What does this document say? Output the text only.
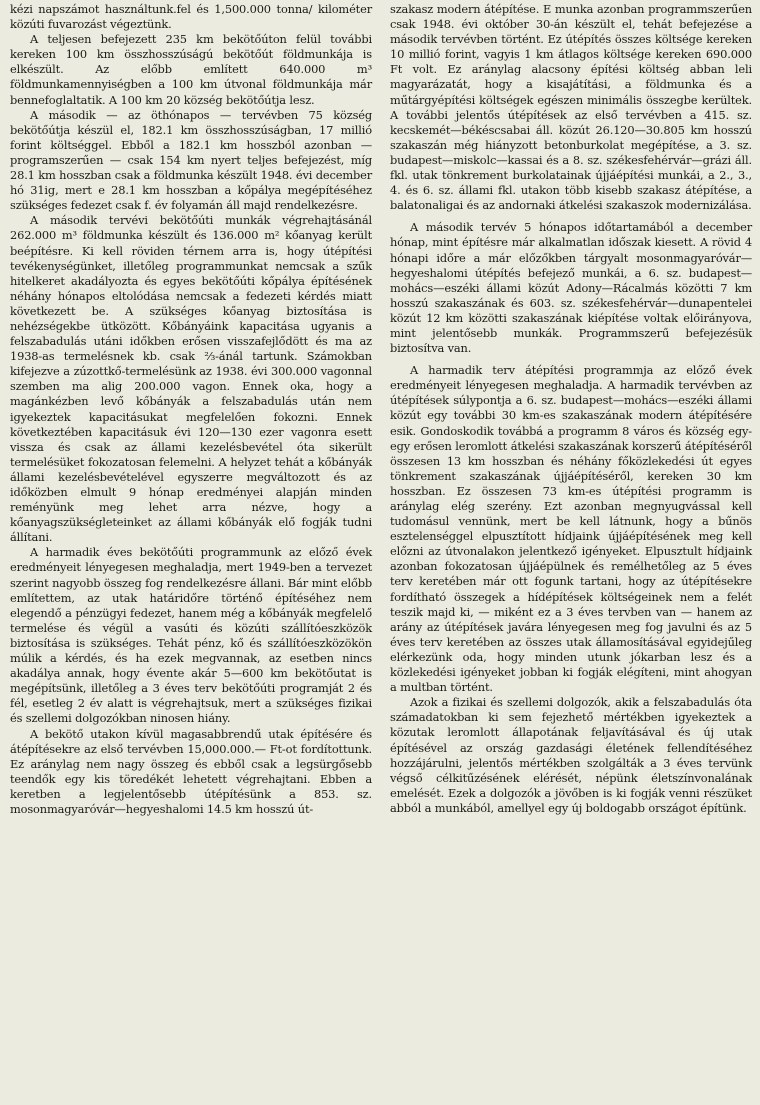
kézi napszámot használtunk.fel és 1,500.000 tonna/ kilométer közúti fuvarozást végeztünk.

A teljesen befejezett 235 km bekötőúton felül további kereken 100 km összhosszúságú bekötőút földmunkája is elkészült. Az előbb említett 640.000 m³ földmunkamennyiségben a 100 km útvonal földmunkája már bennefoglaltatik. A 100 km 20 község bekötőútja lesz.

A második — az öthónapos — tervévben 75 község bekötőútja készül el, 182.1 km összhosszúságban, 17 millió forint költséggel. Ebből a 182.1 km hosszból azonban — programszerűen — csak 154 km nyert teljes befejezést, míg 28.1 km hosszban csak a földmunka készült 1948. évi december hó 31ig, mert e 28.1 km hosszban a kőpálya megépítéséhez szükséges fedezet csak f. év folyamán áll majd rendelkezésre.

A második tervévi bekötőúti munkák végrehajtásánál 262.000 m³ földmunka készült és 136.000 m² kőanyag került beépítésre. Ki kell röviden térnem arra is, hogy útépítési tevékenységünket, illetőleg programmunkat nemcsak a szűk hitelkeret akadályozta és egyes bekötőúti kőpálya építésének néhány hónapos eltolódása nemcsak a fedezeti kérdés miatt következett be. A szükséges kőanyag biztosítása is nehézségekbe ütközött. Kőbányáink kapacitása ugyanis a felszabadulás utáni időkben erősen visszafejlődött és ma az 1938-as termelésnek kb. csak ⅔-ánál tartunk. Számokban kifejezve a zúzottkő-termelésünk az 1938. évi 300.000 vagonnal szemben ma alig 200.000 vagon. Ennek oka, hogy a magánkézben levő kőbányák a felszabadulás után nem igyekeztek kapacitásukat megfelelően fokozni. Ennek következtében kapacitásuk évi 120—130 ezer vagonra esett vissza és csak az állami kezelésbevétel óta sikerült termelésüket fokozatosan felemelni. A helyzet tehát a kőbányák állami kezelésbevételével egyszerre megváltozott és az időközben elmult 9 hónap eredményei alapján minden reményünk meg lehet arra nézve, hogy a kőanyagszükségleteinket az állami kőbányák elő fogják tudni állítani.

A harmadik éves bekötőúti programmunk az előző évek eredményeit lényegesen meghaladja, mert 1949-ben a tervezet szerint nagyobb összeg fog rendelkezésre állani. Bár mint előbb említettem, az utak határidőre történő építéséhez nem elegendő a pénzügyi fedezet, hanem még a kőbányák megfelelő termelése és végül a vasúti és közúti szállítóeszközök biztosítása is szükséges. Tehát pénz, kő és szállítóeszközökön múlik a kérdés, és ha ezek megvannak, az esetben nincs akadálya annak, hogy évente akár 5—600 km bekötőutat is megépítsünk, illetőleg a 3 éves terv bekötőúti programját 2 és fél, esetleg 2 év alatt is végrehajtsuk, mert a szükséges fizikai és szellemi dolgozókban ninosen hiány.

A bekötő utakon kívül magasabbrendű utak építésére és átépítésekre az első tervévben 15,000.000.— Ft-ot fordítottunk. Ez aránylag nem nagy összeg és ebből csak a legsürgősebb teendők egy kis töredékét lehetett végrehajtani. Ebben a keretben a legjelentősebb útépítésünk a 853. sz. mosonmagyaróvár—hegyeshalomi 14.5 km hosszú út-

szakasz modern átépítése. E munka azonban programmszerűen csak 1948. évi október 30-án készült el, tehát befejezése a második tervévben történt. Ez útépítés összes költsége kereken 10 millió forint, vagyis 1 km átlagos költsége kereken 690.000 Ft volt. Ez aránylag alacsony építési költség abban leli magyarázatát, hogy a kisajátítási, a földmunka és a műtárgyépítési költségek egészen minimális összegbe kerültek. A további jelentős útépítések az első tervévben a 415. sz. kecskemét—békéscsabai áll. közút 26.120—30.805 km hosszú szakaszán még hiányzott betonburkolat megépítése, a 3. sz. budapest—miskolc—kassai és a 8. sz. székesfehérvár—grázi áll. fkl. utak tönkrement burkolatainak újjáépítési munkái, a 2., 3., 4. és 6. sz. állami fkl. utakon több kisebb szakasz átépítése, a balatonaligai és az andornaki átkelési szakaszok modernizálása.

A második tervév 5 hónapos időtartamából a december hónap, mint építésre már alkalmatlan időszak kiesett. A rövid 4 hónapi időre a már előzőkben tárgyalt mosonmagyaróvár—hegyeshalomi útépítés befejező munkái, a 6. sz. budapest—mohács—eszéki állami közút Adony—Rácalmás közötti 7 km hosszú szakaszának és 603. sz. székesfehérvár—dunapentelei közút 12 km közötti szakaszának kiépítése voltak előirányova, mint jelentősebb munkák. Programmszerű befejezésük biztosítva van.

A harmadik terv átépítési programmja az előző évek eredményeit lényegesen meghaladja. A harmadik tervévben az útépítések súlypontja a 6. sz. budapest—mohács—eszéki állami közút egy további 30 km-es szakaszának modern átépítésére esik. Gondoskodik továbbá a programm 8 város és község egy-egy erősen leromlott átkelési szakaszának korszerű átépítéséről összesen 13 km hosszban és néhány főközlekedési út egyes tönkrement szakaszának újjáépítéséről, kereken 30 km hosszban. Ez összesen 73 km-es útépítési programm is aránylag elég szerény. Ezt azonban megnyugvással kell tudomásul vennünk, mert be kell látnunk, hogy a bűnös esztelenséggel elpusztított hídjaink újjáépítésének meg kell előzni az útvonalakon jelentkező igényeket. Elpusztult hídjaink azonban fokozatosan újjáépülnek és remélhetőleg az 5 éves terv keretében már ott fogunk tartani, hogy az útépítésekre fordítható összegek a hídépítések költségeinek nem a felét teszik majd ki, — miként ez a 3 éves tervben van — hanem az arány az útépítések javára lényegesen meg fog javulni és az 5 éves terv keretében az összes utak államosításával egyidejűleg elérkezünk oda, hogy minden utunk jókarban lesz és a közlekedési igényeket jobban ki fogják elégíteni, mint ahogyan a multban történt.

Azok a fizikai és szellemi dolgozók, akik a felszabadulás óta számadatokban ki sem fejezhető mértékben igyekeztek a közutak leromlott állapotának feljavításával és új utak építésével az ország gazdasági életének fellendítéséhez hozzájárulni, jelentős mértékben szolgálták a 3 éves tervünk végső célkitűzésének elérését, népünk életszínvonalának emelését. Ezek a dolgozók a jövőben is ki fogják venni részüket abból a munkából, amellyel egy új boldogabb országot építünk.
